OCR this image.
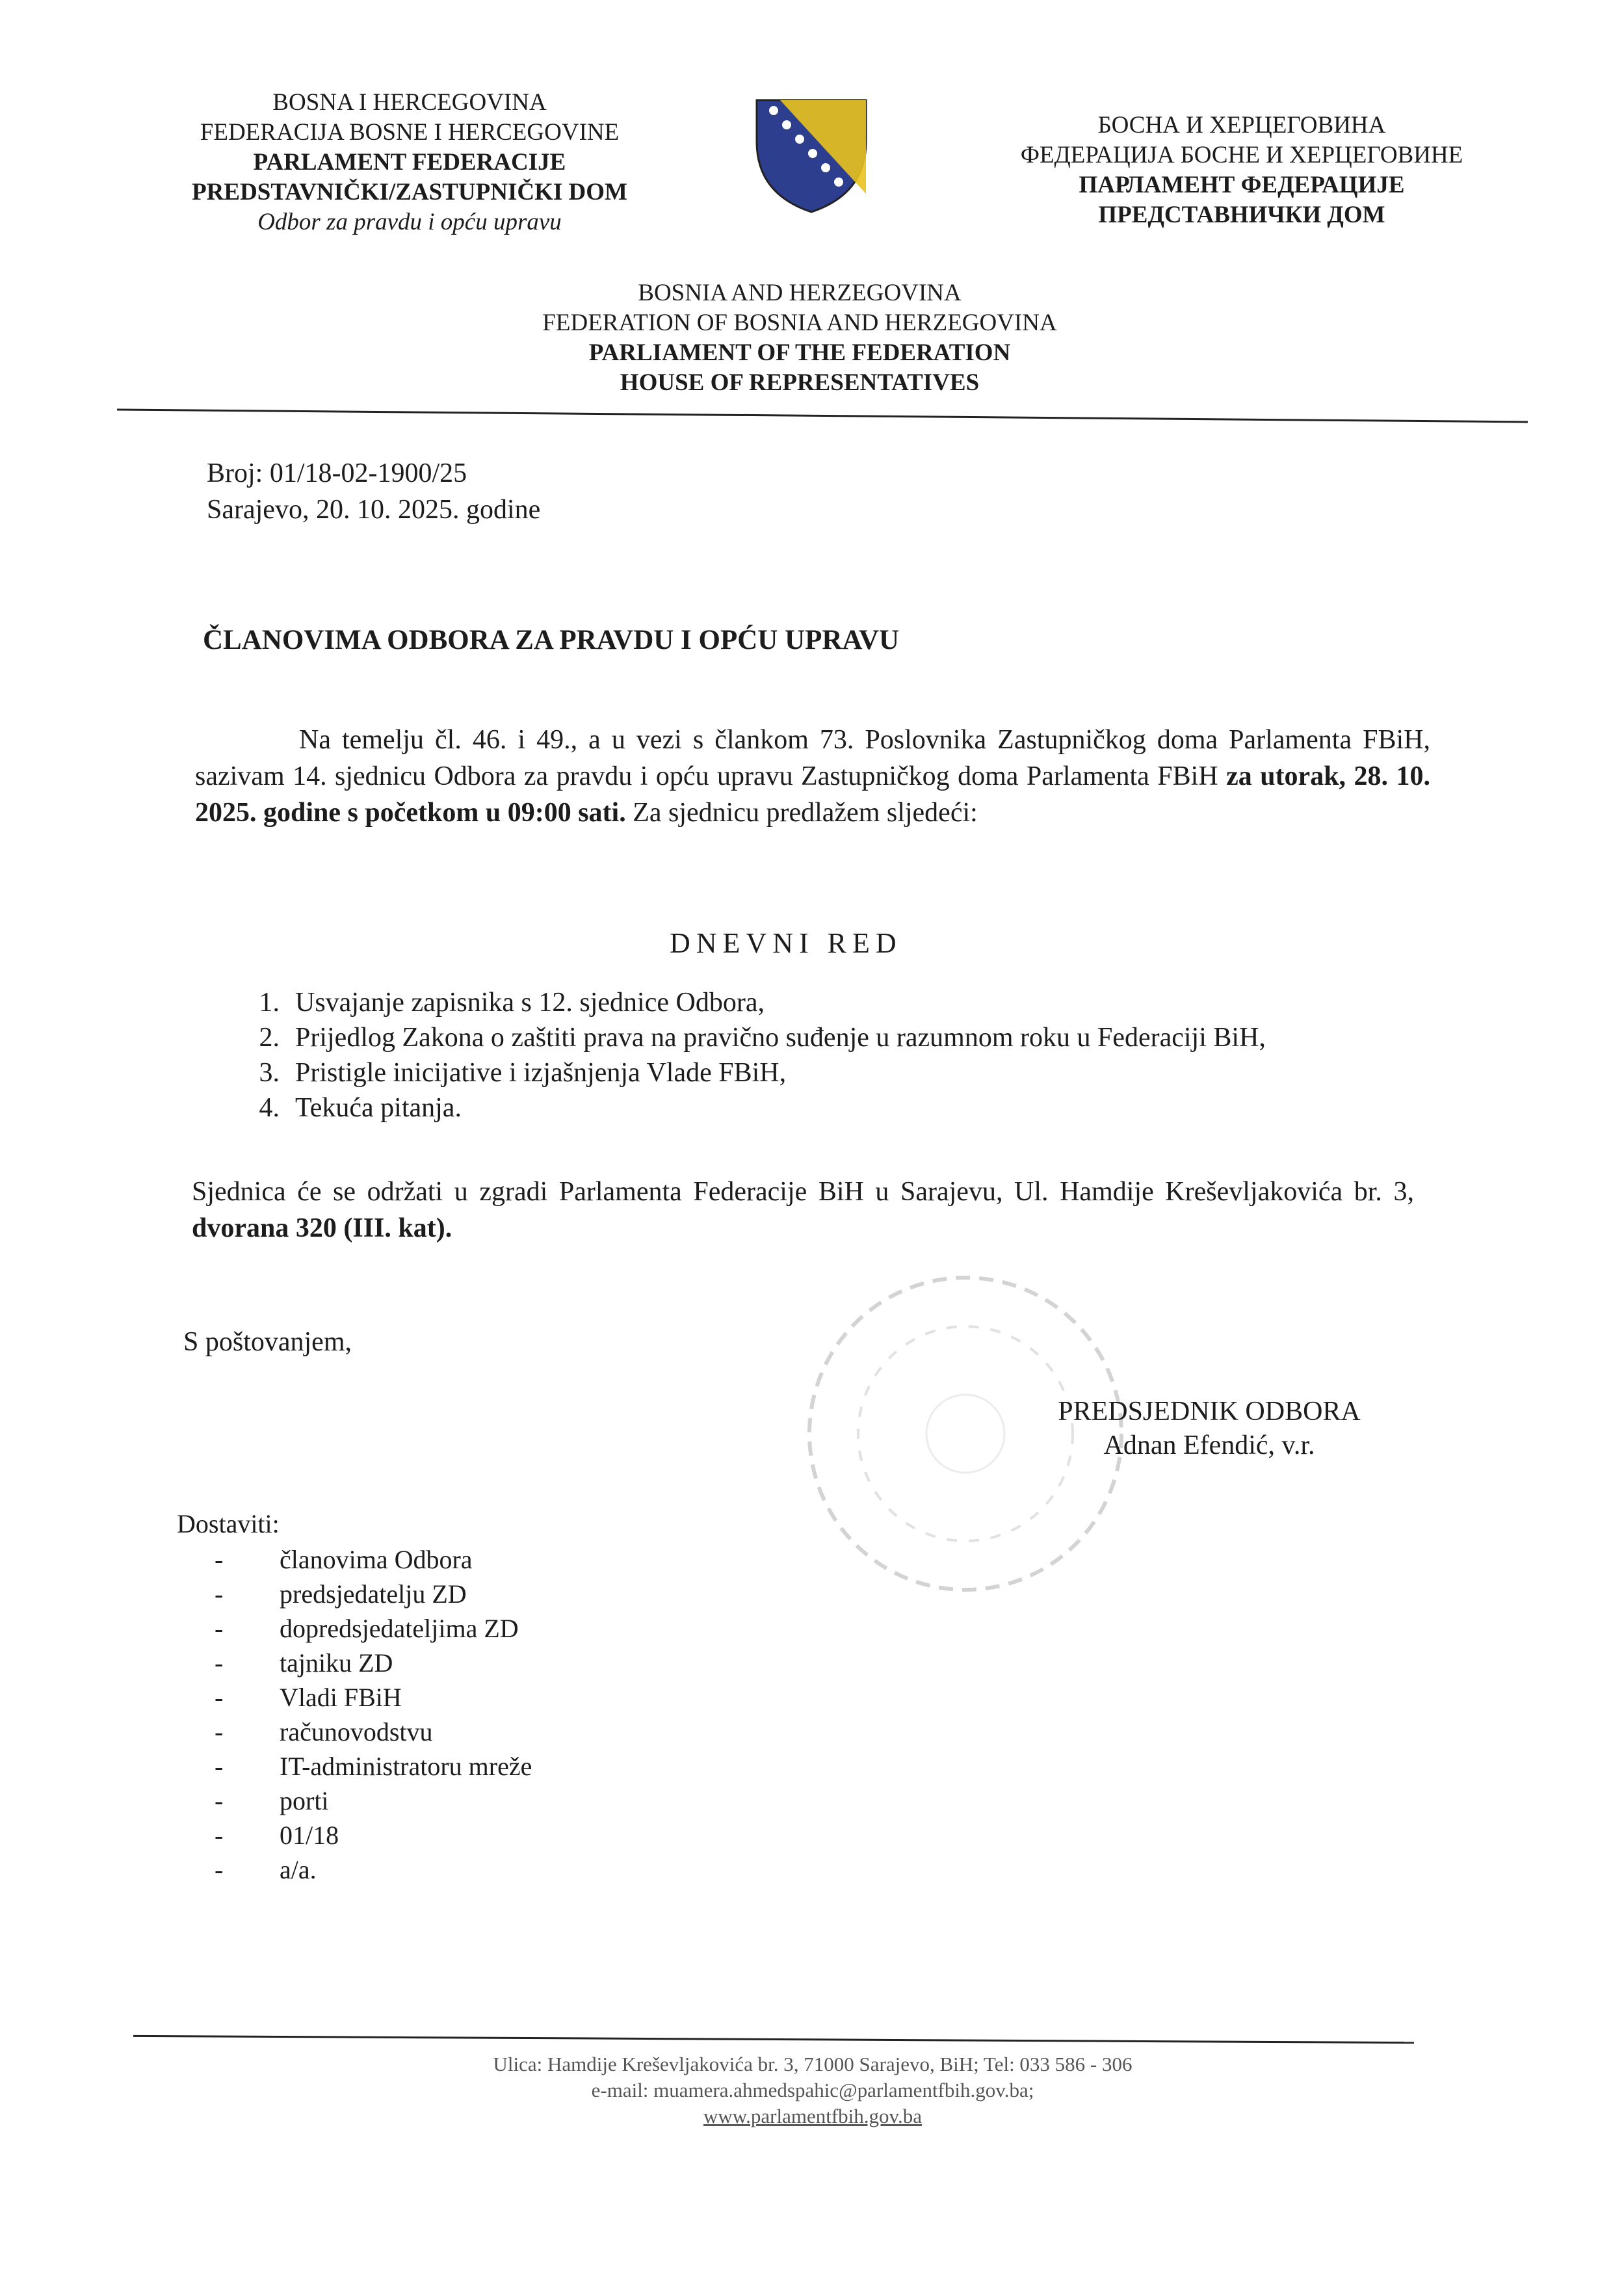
BOSNA I HERCEGOVINA
FEDERACIJA BOSNE I HERCEGOVINE
PARLAMENT FEDERACIJE
PREDSTAVNIČKI/ZASTUPNIČKI DOM
Odbor za pravdu i opću upravu
БОСНА И ХЕРЦЕГОВИНА
ФЕДЕРАЦИЈА БОСНЕ И ХЕРЦЕГОВИНЕ
ПАРЛАМЕНТ ФЕДЕРАЦИЈЕ
ПРЕДСТАВНИЧКИ ДОМ
BOSNIA AND HERZEGOVINA
FEDERATION OF BOSNIA AND HERZEGOVINA
PARLIAMENT OF THE FEDERATION
HOUSE OF REPRESENTATIVES
Broj: 01/18-02-1900/25
Sarajevo, 20. 10. 2025. godine
ČLANOVIMA ODBORA ZA PRAVDU I OPĆU UPRAVU

Na temelju čl. 46. i 49., a u vezi s člankom 73. Poslovnika Zastupničkog doma Parlamenta FBiH, sazivam 14. sjednicu Odbora za pravdu i opću upravu Zastupničkog doma Parlamenta FBiH za utorak, 28. 10. 2025. godine s početkom u 09:00 sati. Za sjednicu predlažem sljedeći:

DNEVNI RED
1. Usvajanje zapisnika s 12. sjednice Odbora,
2. Prijedlog Zakona o zaštiti prava na pravično suđenje u razumnom roku u Federaciji BiH,
3. Pristigle inicijative i izjašnjenja Vlade FBiH,
4. Tekuća pitanja.
Sjednica će se održati u zgradi Parlamenta Federacije BiH u Sarajevu, Ul. Hamdije Kreševljakovića br. 3, dvorana 320 (III. kat).
S poštovanjem,
PREDSJEDNIK ODBORA
Adnan Efendić, v.r.
Dostaviti:
-	članovima Odbora
-	predsjedatelju ZD
-	dopredsjedateljima ZD
-	tajniku ZD
-	Vladi FBiH
-	računovodstvu
-	IT-administratoru mreže
-	porti
-	01/18
-	a/a.
Ulica: Hamdije Kreševljakovića br. 3, 71000 Sarajevo, BiH; Tel: 033 586 - 306
e-mail: muamera.ahmedspahic@parlamentfbih.gov.ba;
www.parlamentfbih.gov.ba
